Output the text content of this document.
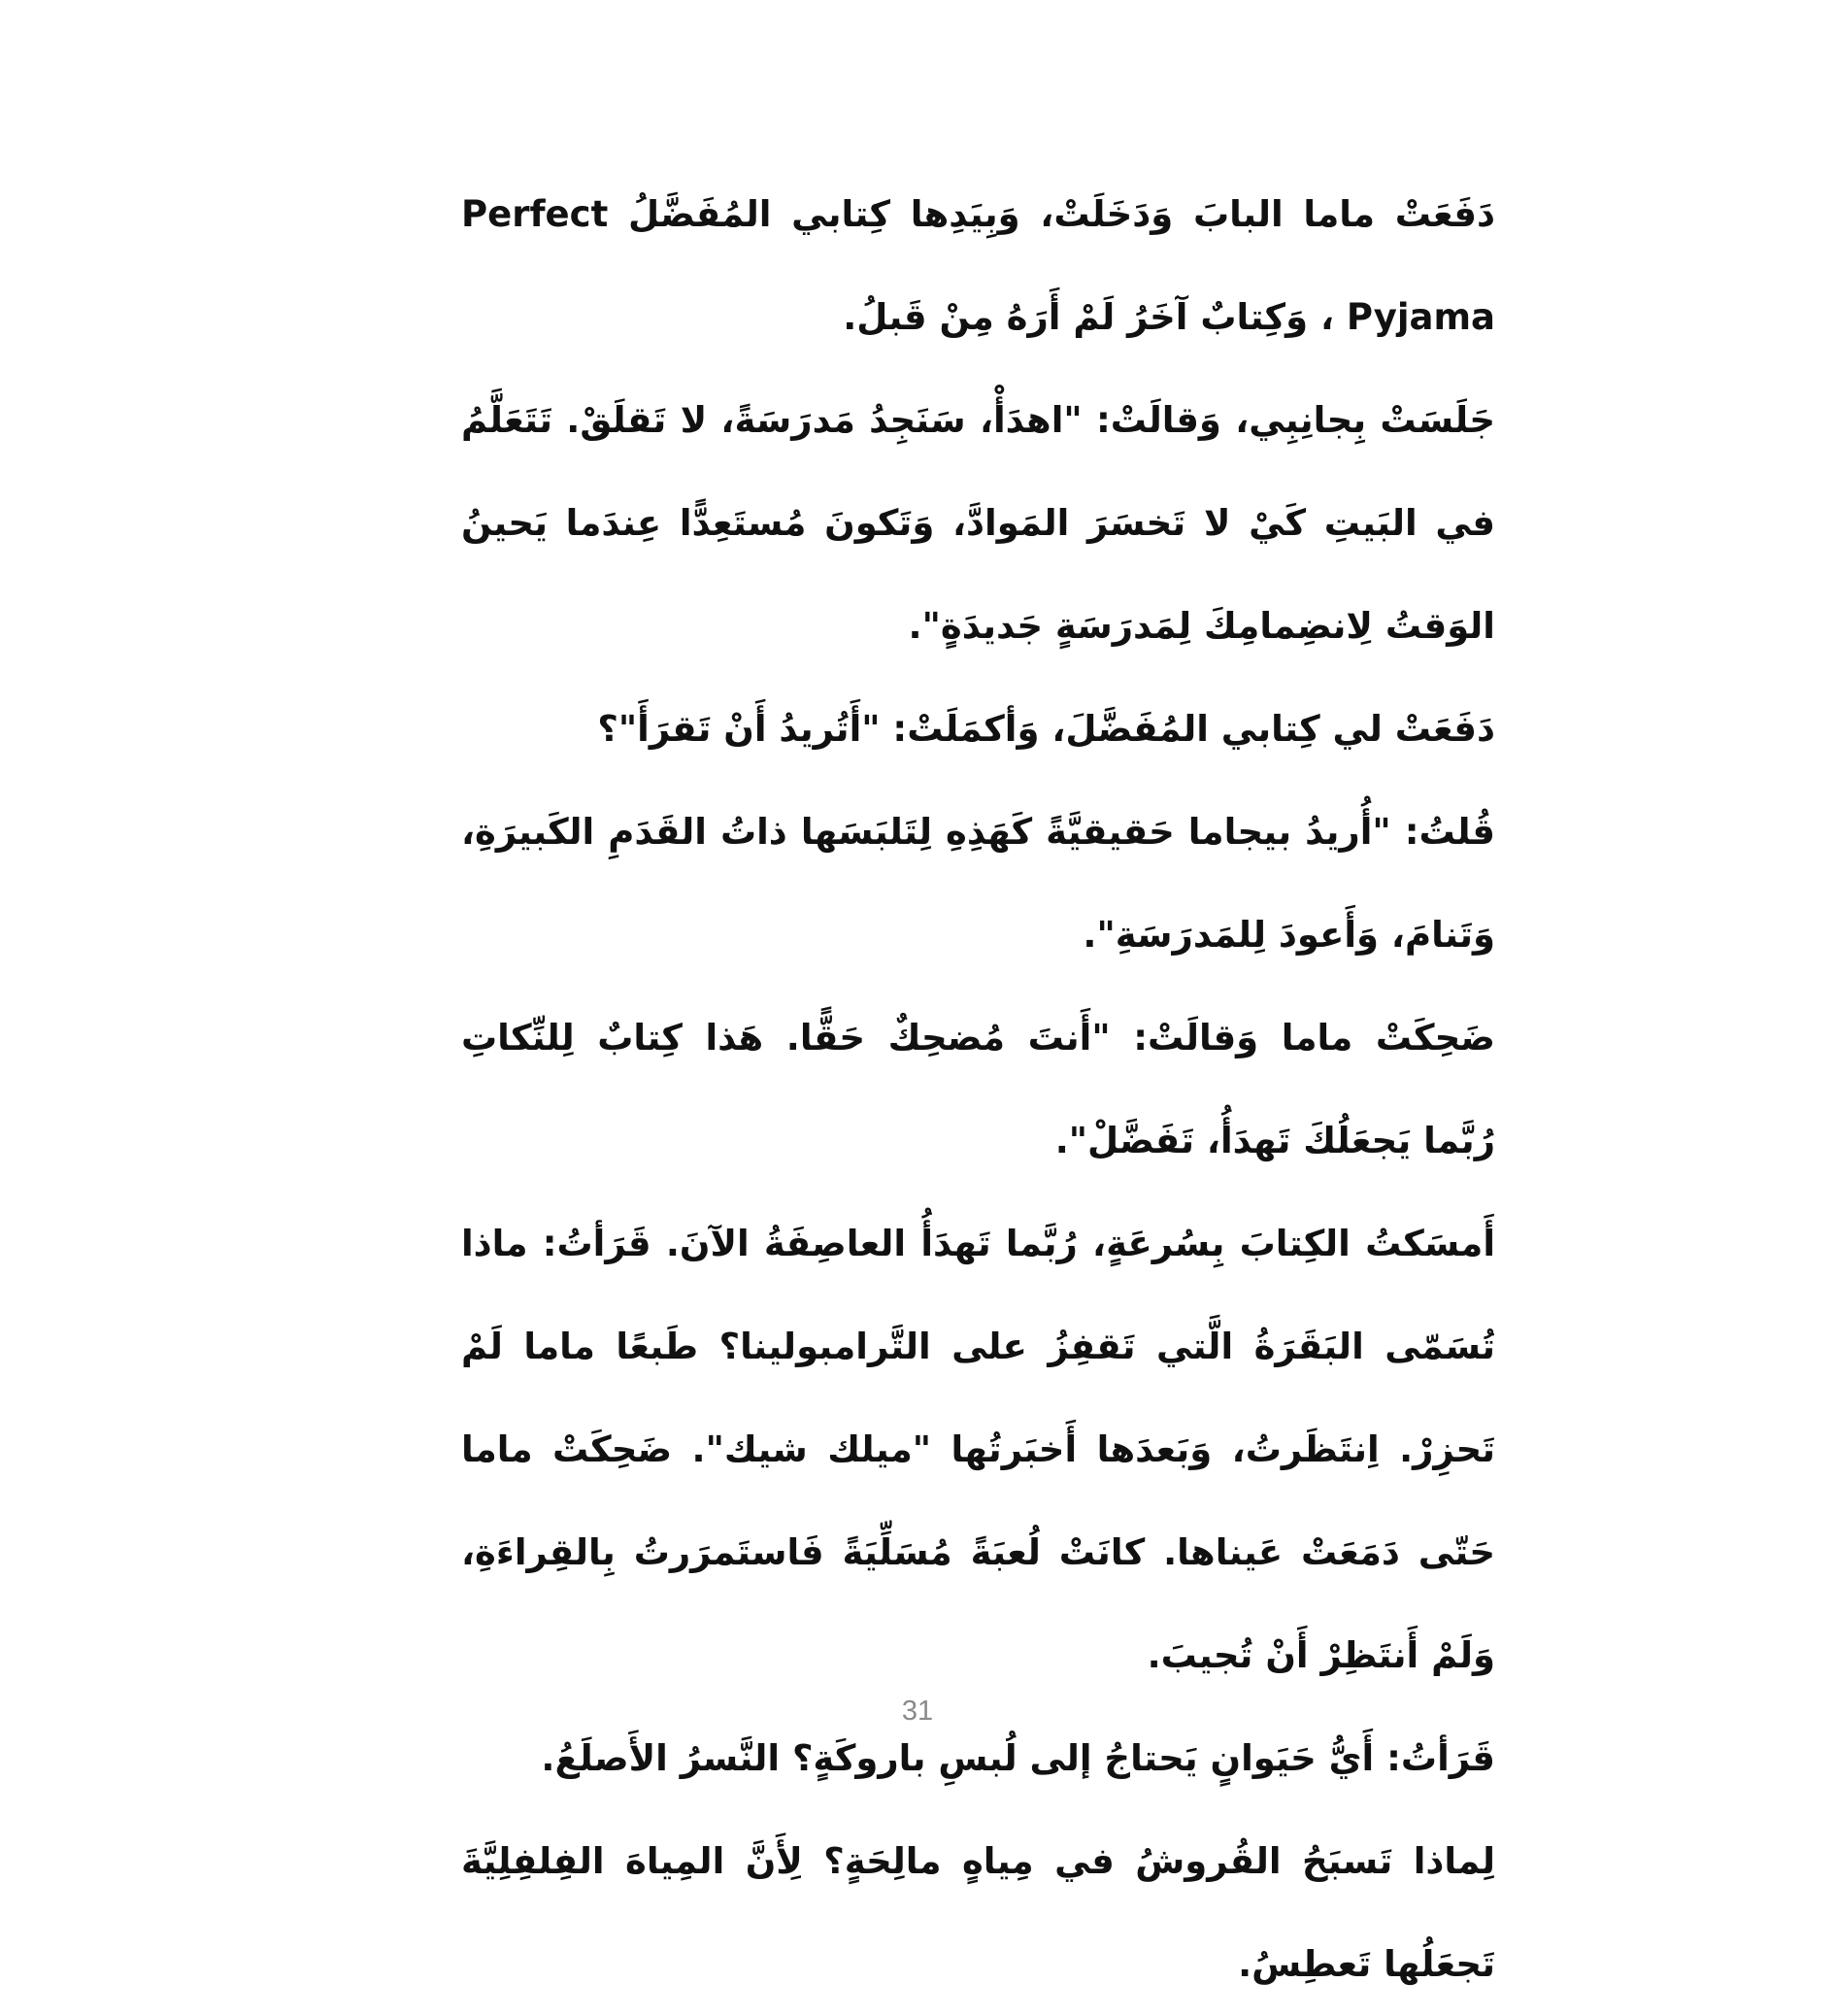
دَفَعَتْ ماما البابَ وَدَخَلَتْ، وَبِيَدِها كِتابي المُفَضَّلُ Perfect Pyjama ، وَكِتابٌ آخَرُ لَمْ أَرَهُ مِنْ قَبلُ.

جَلَسَتْ بِجانِبِي، وَقالَتْ: "اهدَأْ، سَنَجِدُ مَدرَسَةً، لا تَقلَقْ. تَتَعَلَّمُ في البَيتِ كَيْ لا تَخسَرَ المَوادَّ، وَتَكونَ مُستَعِدًّا عِندَما يَحينُ الوَقتُ لِانضِمامِكَ لِمَدرَسَةٍ جَديدَةٍ".

دَفَعَتْ لي كِتابي المُفَضَّلَ، وَأكمَلَتْ: "أَتُريدُ أَنْ تَقرَأَ"؟

قُلتُ: "أُريدُ بيجاما حَقيقيَّةً كَهَذِهِ لِتَلبَسَها ذاتُ القَدَمِ الكَبيرَةِ، وَتَنامَ، وَأَعودَ لِلمَدرَسَةِ".

ضَحِكَتْ ماما وَقالَتْ: "أَنتَ مُضحِكٌ حَقًّا. هَذا كِتابٌ لِلنِّكاتِ رُبَّما يَجعَلُكَ تَهدَأُ، تَفَضَّلْ".

أَمسَكتُ الكِتابَ بِسُرعَةٍ، رُبَّما تَهدَأُ العاصِفَةُ الآنَ. قَرَأتُ: ماذا تُسَمّى البَقَرَةُ الَّتي تَقفِزُ على التَّرامبولينا؟ طَبعًا ماما لَمْ تَحزِرْ. اِنتَظَرتُ، وَبَعدَها أَخبَرتُها "ميلك شيك". ضَحِكَتْ ماما حَتّى دَمَعَتْ عَيناها. كانَتْ لُعبَةً مُسَلِّيَةً فَاستَمرَرتُ بِالقِراءَةِ، وَلَمْ أَنتَظِرْ أَنْ تُجيبَ.

قَرَأتُ: أَيُّ حَيَوانٍ يَحتاجُ إلى لُبسِ باروكَةٍ؟ النَّسرُ الأَصلَعُ.

لِماذا تَسبَحُ القُروشُ في مِياهٍ مالِحَةٍ؟ لِأَنَّ المِياهَ الفِلفِلِيَّةَ تَجعَلُها تَعطِسُ.

31
